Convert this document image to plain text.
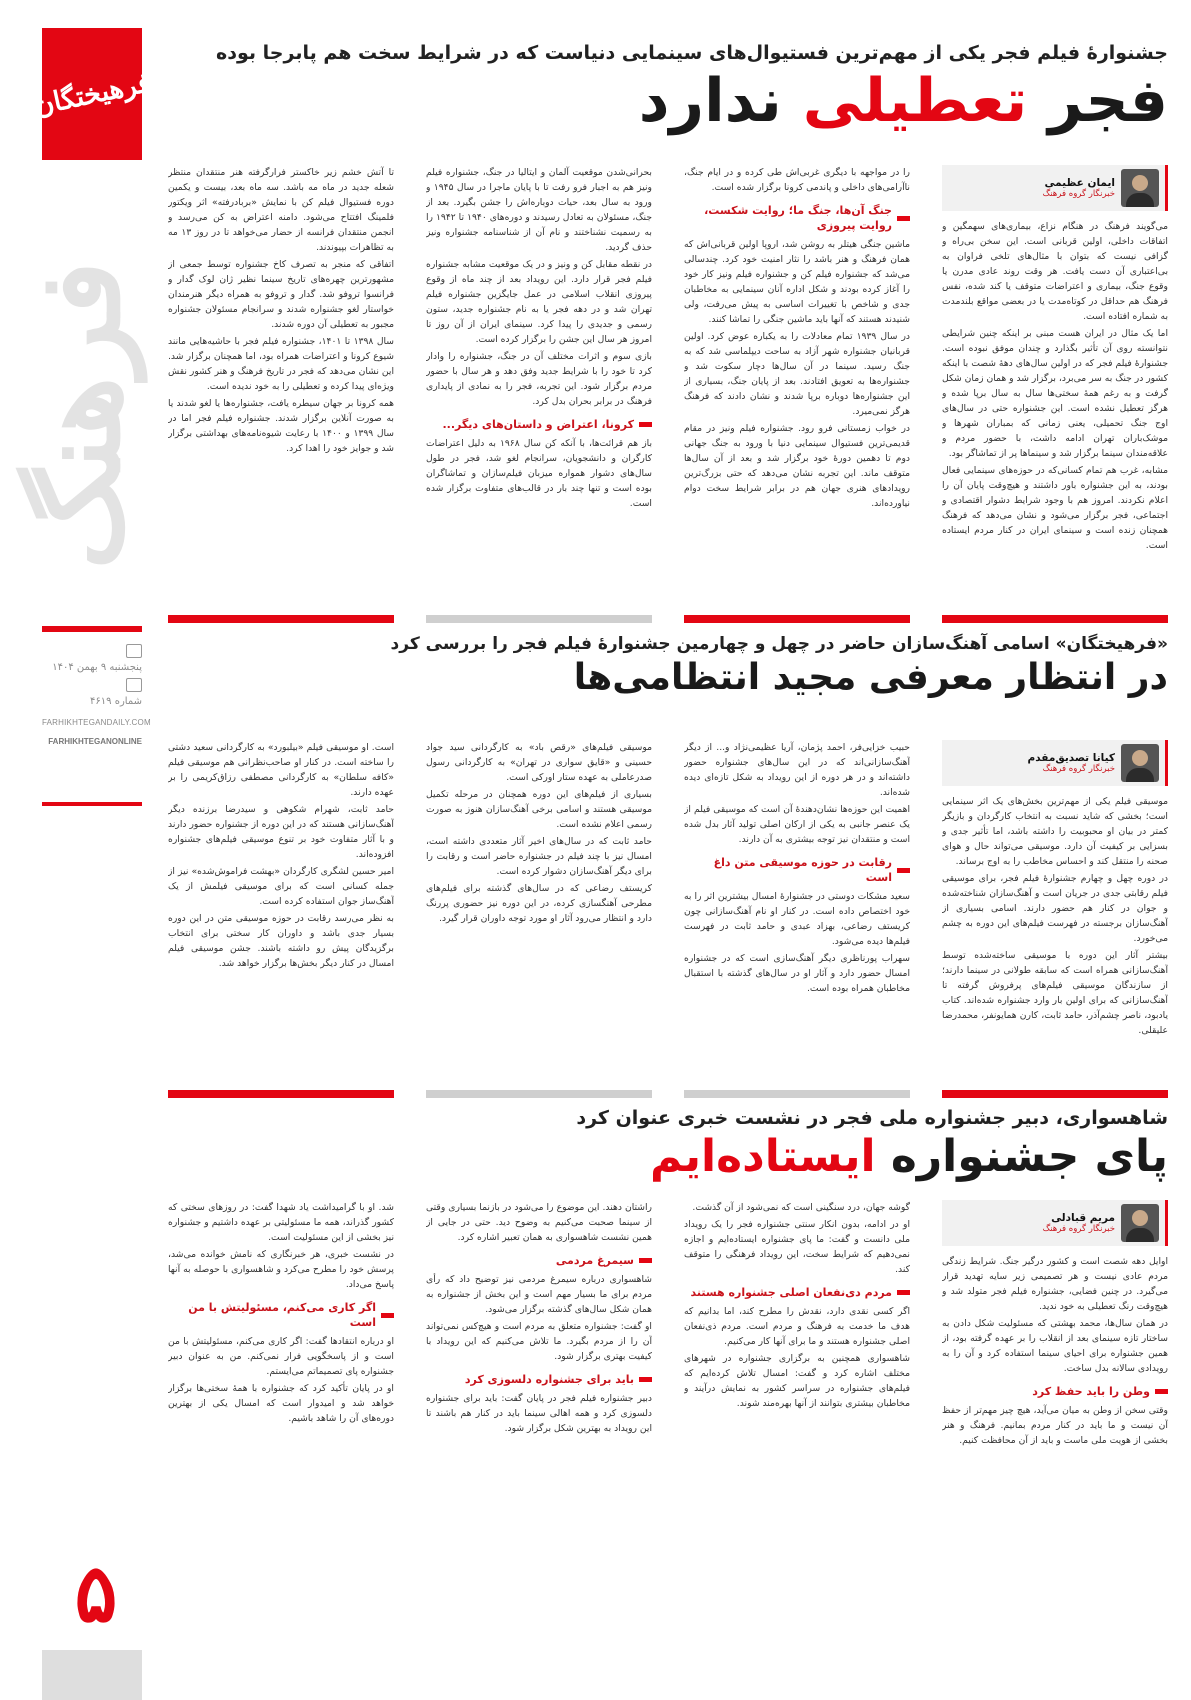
فرهیختگان
فرهنگ
پنجشنبه ۹ بهمن ۱۴۰۴
شماره ۴۶۱۹
FARHIKHTEGANDAILY.COM
FARHIKHTEGANONLINE
۵
جشنوارۀ فیلم فجر یکی از مهم‌ترین فستیوال‌های سینمایی دنیاست که در شرایط سخت هم پابرجا بوده
فجر تعطیلی ندارد
ایمان عظیمی
خبرنگار گروه فرهنگ

می‌گویند فرهنگ در هنگام نزاع، بیماری‌های سهمگین و اتفاقات داخلی، اولین قربانی است. این سخن بی‌راه و گزافی نیست که بتوان با مثال‌های تلخی فراوان به بی‌اعتباری آن دست یافت. هر وقت روند عادی مدرن یا وقوع جنگ، بیماری و اعتراضات متوقف یا کند شده، نفس فرهنگ هم حداقل در کوتاه‌مدت یا در بعضی مواقع بلندمدت به شماره افتاده است.

اما یک مثال در ایران هست مبنی بر اینکه چنین شرایطی نتوانسته روی آن تأثیر بگذارد و چندان موفق نبوده است. جشنوارۀ فیلم فجر که در اولین سال‌های دهۀ شصت با اینکه کشور در جنگ به سر می‌برد، برگزار شد و همان زمان شکل گرفت و به رغم همۀ سختی‌ها سال به سال برپا شده و هرگز تعطیل نشده است. این جشنواره حتی در سال‌های اوج جنگ تحمیلی، یعنی زمانی که بمباران شهرها و موشک‌باران تهران ادامه داشت، با حضور مردم و علاقه‌مندان سینما برگزار شد و سینماها پر از تماشاگر بود.

مشابه، غرب هم تمام کسانی‌که در حوزه‌های سینمایی فعال بودند، به این جشنواره باور داشتند و هیچ‌وقت پایان آن را اعلام نکردند. امروز هم با وجود شرایط دشوار اقتصادی و اجتماعی، فجر برگزار می‌شود و نشان می‌دهد که فرهنگ همچنان زنده است و سینمای ایران در کنار مردم ایستاده است.

را در مواجهه با دیگری غربی‌اش طی کرده و در ایام جنگ، ناآرامی‌های داخلی و پاندمی کرونا برگزار شده است.

جنگ آن‌ها، جنگ ما؛ روایت شکست، روایت پیروزی

ماشین جنگی هیتلر به روشن شد، اروپا اولین قربانی‌اش که همان فرهنگ و هنر باشد را نثار امنیت خود کرد. چندسالی می‌شد که جشنواره فیلم کن و جشنواره فیلم ونیز کار خود را آغاز کرده بودند و شکل اداره آنان سینمایی به مخاطبان جدی و شاخص با تغییرات اساسی به پیش می‌رفت، ولی شنیدند هستند که آنها باید ماشین جنگی را تماشا کنند.

در سال ۱۹۳۹ تمام معادلات را به یکباره عوض کرد. اولین قربانیان جشنواره شهر آزاد به ساحت دیپلماسی شد که به جنگ رسید. سینما در آن سال‌ها دچار سکوت شد و جشنواره‌ها به تعویق افتادند. بعد از پایان جنگ، بسیاری از این جشنواره‌ها دوباره برپا شدند و نشان دادند که فرهنگ هرگز نمی‌میرد.

در خواب زمستانی فرو رود. جشنواره فیلم ونیز در مقام قدیمی‌ترین فستیوال سینمایی دنیا با ورود به جنگ جهانی دوم تا دهمین دورۀ خود برگزار شد و بعد از آن سال‌ها متوقف ماند. این تجربه نشان می‌دهد که حتی بزرگ‌ترین رویدادهای هنری جهان هم در برابر شرایط سخت دوام نیاورده‌اند.

بحرانی‌شدن موقعیت آلمان و ایتالیا در جنگ، جشنواره فیلم ونیز هم به اجبار فرو رفت تا با پایان ماجرا در سال ۱۹۴۵ و ورود به سال بعد، حیات دوباره‌اش را جشن بگیرد. بعد از جنگ، مسئولان به تعادل رسیدند و دوره‌های ۱۹۴۰ تا ۱۹۴۲ را به رسمیت نشناختند و نام آن از شناسنامه جشنواره ونیز حذف گردید.

در نقطه مقابل کن و ونیز و در یک موقعیت مشابه جشنواره فیلم فجر قرار دارد. این رویداد بعد از چند ماه از وقوع پیروزی انقلاب اسلامی در عمل جایگزین جشنواره فیلم تهران شد و در دهه فجر یا به نام جشنواره جدید، ستون رسمی و جدیدی را پیدا کرد. سینمای ایران از آن روز تا امروز هر سال این جشن را برگزار کرده است.

بازی سوم و اثرات مختلف آن در جنگ، جشنواره را وادار کرد تا خود را با شرایط جدید وفق دهد و هر سال با حضور مردم برگزار شود. این تجربه، فجر را به نمادی از پایداری فرهنگ در برابر بحران بدل کرد.

کرونا، اعتراض و داستان‌های دیگر...

باز هم قرائت‌ها، با آنکه کن سال ۱۹۶۸ به دلیل اعتراضات کارگران و دانشجویان، سرانجام لغو شد، فجر در طول سال‌های دشوار همواره میزبان فیلم‌سازان و تماشاگران بوده است و تنها چند بار در قالب‌های متفاوت برگزار شده است.

تا آتش خشم زیر خاکستر فرارگرفته هنر منتقدان منتظر شعله جدید در ماه مه باشد. سه ماه بعد، بیست و یکمین دوره فستیوال فیلم کن با نمایش «بربادرفته» اثر ویکتور فلمینگ افتتاح می‌شود. دامنه اعتراض به کن می‌رسد و انجمن منتقدان فرانسه از حضار می‌خواهد تا در روز ۱۳ مه به تظاهرات بپیوندند.

اتفاقی که منجر به تصرف کاخ جشنواره توسط جمعی از مشهورترین چهره‌های تاریخ سینما نظیر ژان لوک گدار و فرانسوا تروفو شد. گدار و تروفو به همراه دیگر هنرمندان خواستار لغو جشنواره شدند و سرانجام مسئولان جشنواره مجبور به تعطیلی آن دوره شدند.

سال ۱۳۹۸ تا ۱۴۰۱، جشنواره فیلم فجر با حاشیه‌هایی مانند شیوع کرونا و اعتراضات همراه بود، اما همچنان برگزار شد. این نشان می‌دهد که فجر در تاریخ فرهنگ و هنر کشور نقش ویژه‌ای پیدا کرده و تعطیلی را به خود ندیده است.

همه کرونا بر جهان سیطره یافت، جشنواره‌ها یا لغو شدند یا به صورت آنلاین برگزار شدند. جشنواره فیلم فجر اما در سال ۱۳۹۹ و ۱۴۰۰ با رعایت شیوه‌نامه‌های بهداشتی برگزار شد و جوایز خود را اهدا کرد.

«فرهیختگان» اسامی آهنگ‌سازان حاضر در چهل و چهارمین جشنوارۀ فیلم فجر را بررسی کرد
در انتظار معرفی مجید انتظامی‌ها
کیانا تصدیق‌مقدم
خبرنگار گروه فرهنگ

موسیقی فیلم یکی از مهم‌ترین بخش‌های یک اثر سینمایی است؛ بخشی که شاید نسبت به انتخاب کارگردان و بازیگر کمتر در بیان او محبوبیت را داشته باشد، اما تأثیر جدی و بسزایی بر کیفیت آن دارد. موسیقی می‌تواند حال و هوای صحنه را منتقل کند و احساس مخاطب را به اوج برساند.

در دوره چهل و چهارم جشنوارۀ فیلم فجر، برای موسیقی فیلم رقابتی جدی در جریان است و آهنگ‌سازان شناخته‌شده و جوان در کنار هم حضور دارند. اسامی بسیاری از آهنگ‌سازان برجسته در فهرست فیلم‌های این دوره به چشم می‌خورد.

بیشتر آثار این دوره با موسیقی ساخته‌شده توسط آهنگ‌سازانی همراه است که سابقه طولانی در سینما دارند؛ از سازندگان موسیقی فیلم‌های پرفروش گرفته تا آهنگ‌سازانی که برای اولین بار وارد جشنواره شده‌اند. کتاب یادبود، ناصر چشم‌آذر، حامد ثابت، کارن همایونفر، محمدرضا علیقلی.

حبیب خزایی‌فر، احمد پژمان، آریا عظیمی‌نژاد و... از دیگر آهنگ‌سازانی‌اند که در این سال‌های جشنواره حضور داشته‌اند و در هر دوره از این رویداد به شکل تازه‌ای دیده شده‌اند.

اهمیت این حوزه‌ها نشان‌دهندۀ آن است که موسیقی فیلم از یک عنصر جانبی به یکی از ارکان اصلی تولید آثار بدل شده است و منتقدان نیز توجه بیشتری به آن دارند.

رقابت در حوزه موسیقی متن داغ است

سعید مشکات دوستی در جشنوارۀ امسال بیشترین اثر را به خود اختصاص داده است. در کنار او نام آهنگ‌سازانی چون کریستف رضاعی، بهزاد عبدی و حامد ثابت در فهرست فیلم‌ها دیده می‌شود.

سهراب پورناظری دیگر آهنگ‌سازی است که در جشنواره امسال حضور دارد و آثار او در سال‌های گذشته با استقبال مخاطبان همراه بوده است.

موسیقی فیلم‌های «رقص باد» به کارگردانی سید جواد حسینی و «قایق سواری در تهران» به کارگردانی رسول صدرعاملی به عهده ستار اورکی است.

بسیاری از فیلم‌های این دوره همچنان در مرحله تکمیل موسیقی هستند و اسامی برخی آهنگ‌سازان هنوز به صورت رسمی اعلام نشده است.

حامد ثابت که در سال‌های اخیر آثار متعددی داشته است، امسال نیز با چند فیلم در جشنواره حاضر است و رقابت را برای دیگر آهنگ‌سازان دشوار کرده است.

کریستف رضاعی که در سال‌های گذشته برای فیلم‌های مطرحی آهنگسازی کرده، در این دوره نیز حضوری پررنگ دارد و انتظار می‌رود آثار او مورد توجه داوران قرار گیرد.

است. او موسیقی فیلم «بیلبورد» به کارگردانی سعید دشتی را ساخته است. در کنار او صاحب‌نظرانی هم موسیقی فیلم «کافه سلطان» به کارگردانی مصطفی رزاق‌کریمی را بر عهده دارند.

حامد ثابت، شهرام شکوهی و سیدرضا برزنده دیگر آهنگ‌سازانی هستند که در این دوره از جشنواره حضور دارند و با آثار متفاوت خود بر تنوع موسیقی فیلم‌های جشنواره افزوده‌اند.

امیر حسین لشگری کارگردان «بهشت فراموش‌شده» نیز از جمله کسانی است که برای موسیقی فیلمش از یک آهنگ‌ساز جوان استفاده کرده است.

به نظر می‌رسد رقابت در حوزه موسیقی متن در این دوره بسیار جدی باشد و داوران کار سختی برای انتخاب برگزیدگان پیش رو داشته باشند. جشن موسیقی فیلم امسال در کنار دیگر بخش‌ها برگزار خواهد شد.

شاهسواری، دبیر جشنواره ملی فجر در نشست خبری عنوان کرد
پای جشنواره ایستاده‌ایم
مریم قبادلی
خبرنگار گروه فرهنگ

اوایل دهه شصت است و کشور درگیر جنگ. شرایط زندگی مردم عادی نیست و هر تصمیمی زیر سایه تهدید قرار می‌گیرد. در چنین فضایی، جشنواره فیلم فجر متولد شد و هیچ‌وقت رنگ تعطیلی به خود ندید.

در همان سال‌ها، محمد بهشتی که مسئولیت شکل دادن به ساختار تازه سینمای بعد از انقلاب را بر عهده گرفته بود، از همین جشنواره برای احیای سینما استفاده کرد و آن را به رویدادی سالانه بدل ساخت.

وطن را باید حفظ کرد

وقتی سخن از وطن به میان می‌آید، هیچ چیز مهم‌تر از حفظ آن نیست و ما باید در کنار مردم بمانیم. فرهنگ و هنر بخشی از هویت ملی ماست و باید از آن محافظت کنیم.

گوشه جهان، درد سنگینی است که نمی‌شود از آن گذشت.

او در ادامه، بدون انکار سنتی جشنواره فجر را یک رویداد ملی دانست و گفت: ما پای جشنواره ایستاده‌ایم و اجازه نمی‌دهیم که شرایط سخت، این رویداد فرهنگی را متوقف کند.

مردم دی‌نفعان اصلی جشنواره هستند

اگر کسی نقدی دارد، نقدش را مطرح کند، اما بدانیم که هدف ما خدمت به فرهنگ و مردم است. مردم ذی‌نفعان اصلی جشنواره هستند و ما برای آنها کار می‌کنیم.

شاهسواری همچنین به برگزاری جشنواره در شهرهای مختلف اشاره کرد و گفت: امسال تلاش کرده‌ایم که فیلم‌های جشنواره در سراسر کشور به نمایش درآیند و مخاطبان بیشتری بتوانند از آنها بهره‌مند شوند.

راشتان دهند. این موضوع را می‌شود در بازنما بسیاری وقتی از سینما صحبت می‌کنیم به وضوح دید. حتی در جایی از همین نشست شاهسواری به همان تعبیر اشاره کرد.

سیمرغ مردمی

شاهسواری درباره سیمرغ مردمی نیز توضیح داد که رأی مردم برای ما بسیار مهم است و این بخش از جشنواره به همان شکل سال‌های گذشته برگزار می‌شود.

او گفت: جشنواره متعلق به مردم است و هیچ‌کس نمی‌تواند آن را از مردم بگیرد. ما تلاش می‌کنیم که این رویداد با کیفیت بهتری برگزار شود.

باید برای جشنواره دلسوزی کرد

دبیر جشنواره فیلم فجر در پایان گفت: باید برای جشنواره دلسوزی کرد و همه اهالی سینما باید در کنار هم باشند تا این رویداد به بهترین شکل برگزار شود.

شد. او با گرامیداشت یاد شهدا گفت: در روزهای سختی که کشور گذراند، همه ما مسئولیتی بر عهده داشتیم و جشنواره نیز بخشی از این مسئولیت است.

در نشست خبری، هر خبرنگاری که نامش خوانده می‌شد، پرسش خود را مطرح می‌کرد و شاهسواری با حوصله به آنها پاسخ می‌داد.

اگر کاری می‌کنم، مسئولیتش با من است

او درباره انتقادها گفت: اگر کاری می‌کنم، مسئولیتش با من است و از پاسخگویی فرار نمی‌کنم. من به عنوان دبیر جشنواره پای تصمیماتم می‌ایستم.

او در پایان تأکید کرد که جشنواره با همۀ سختی‌ها برگزار خواهد شد و امیدوار است که امسال یکی از بهترین دوره‌های آن را شاهد باشیم.
